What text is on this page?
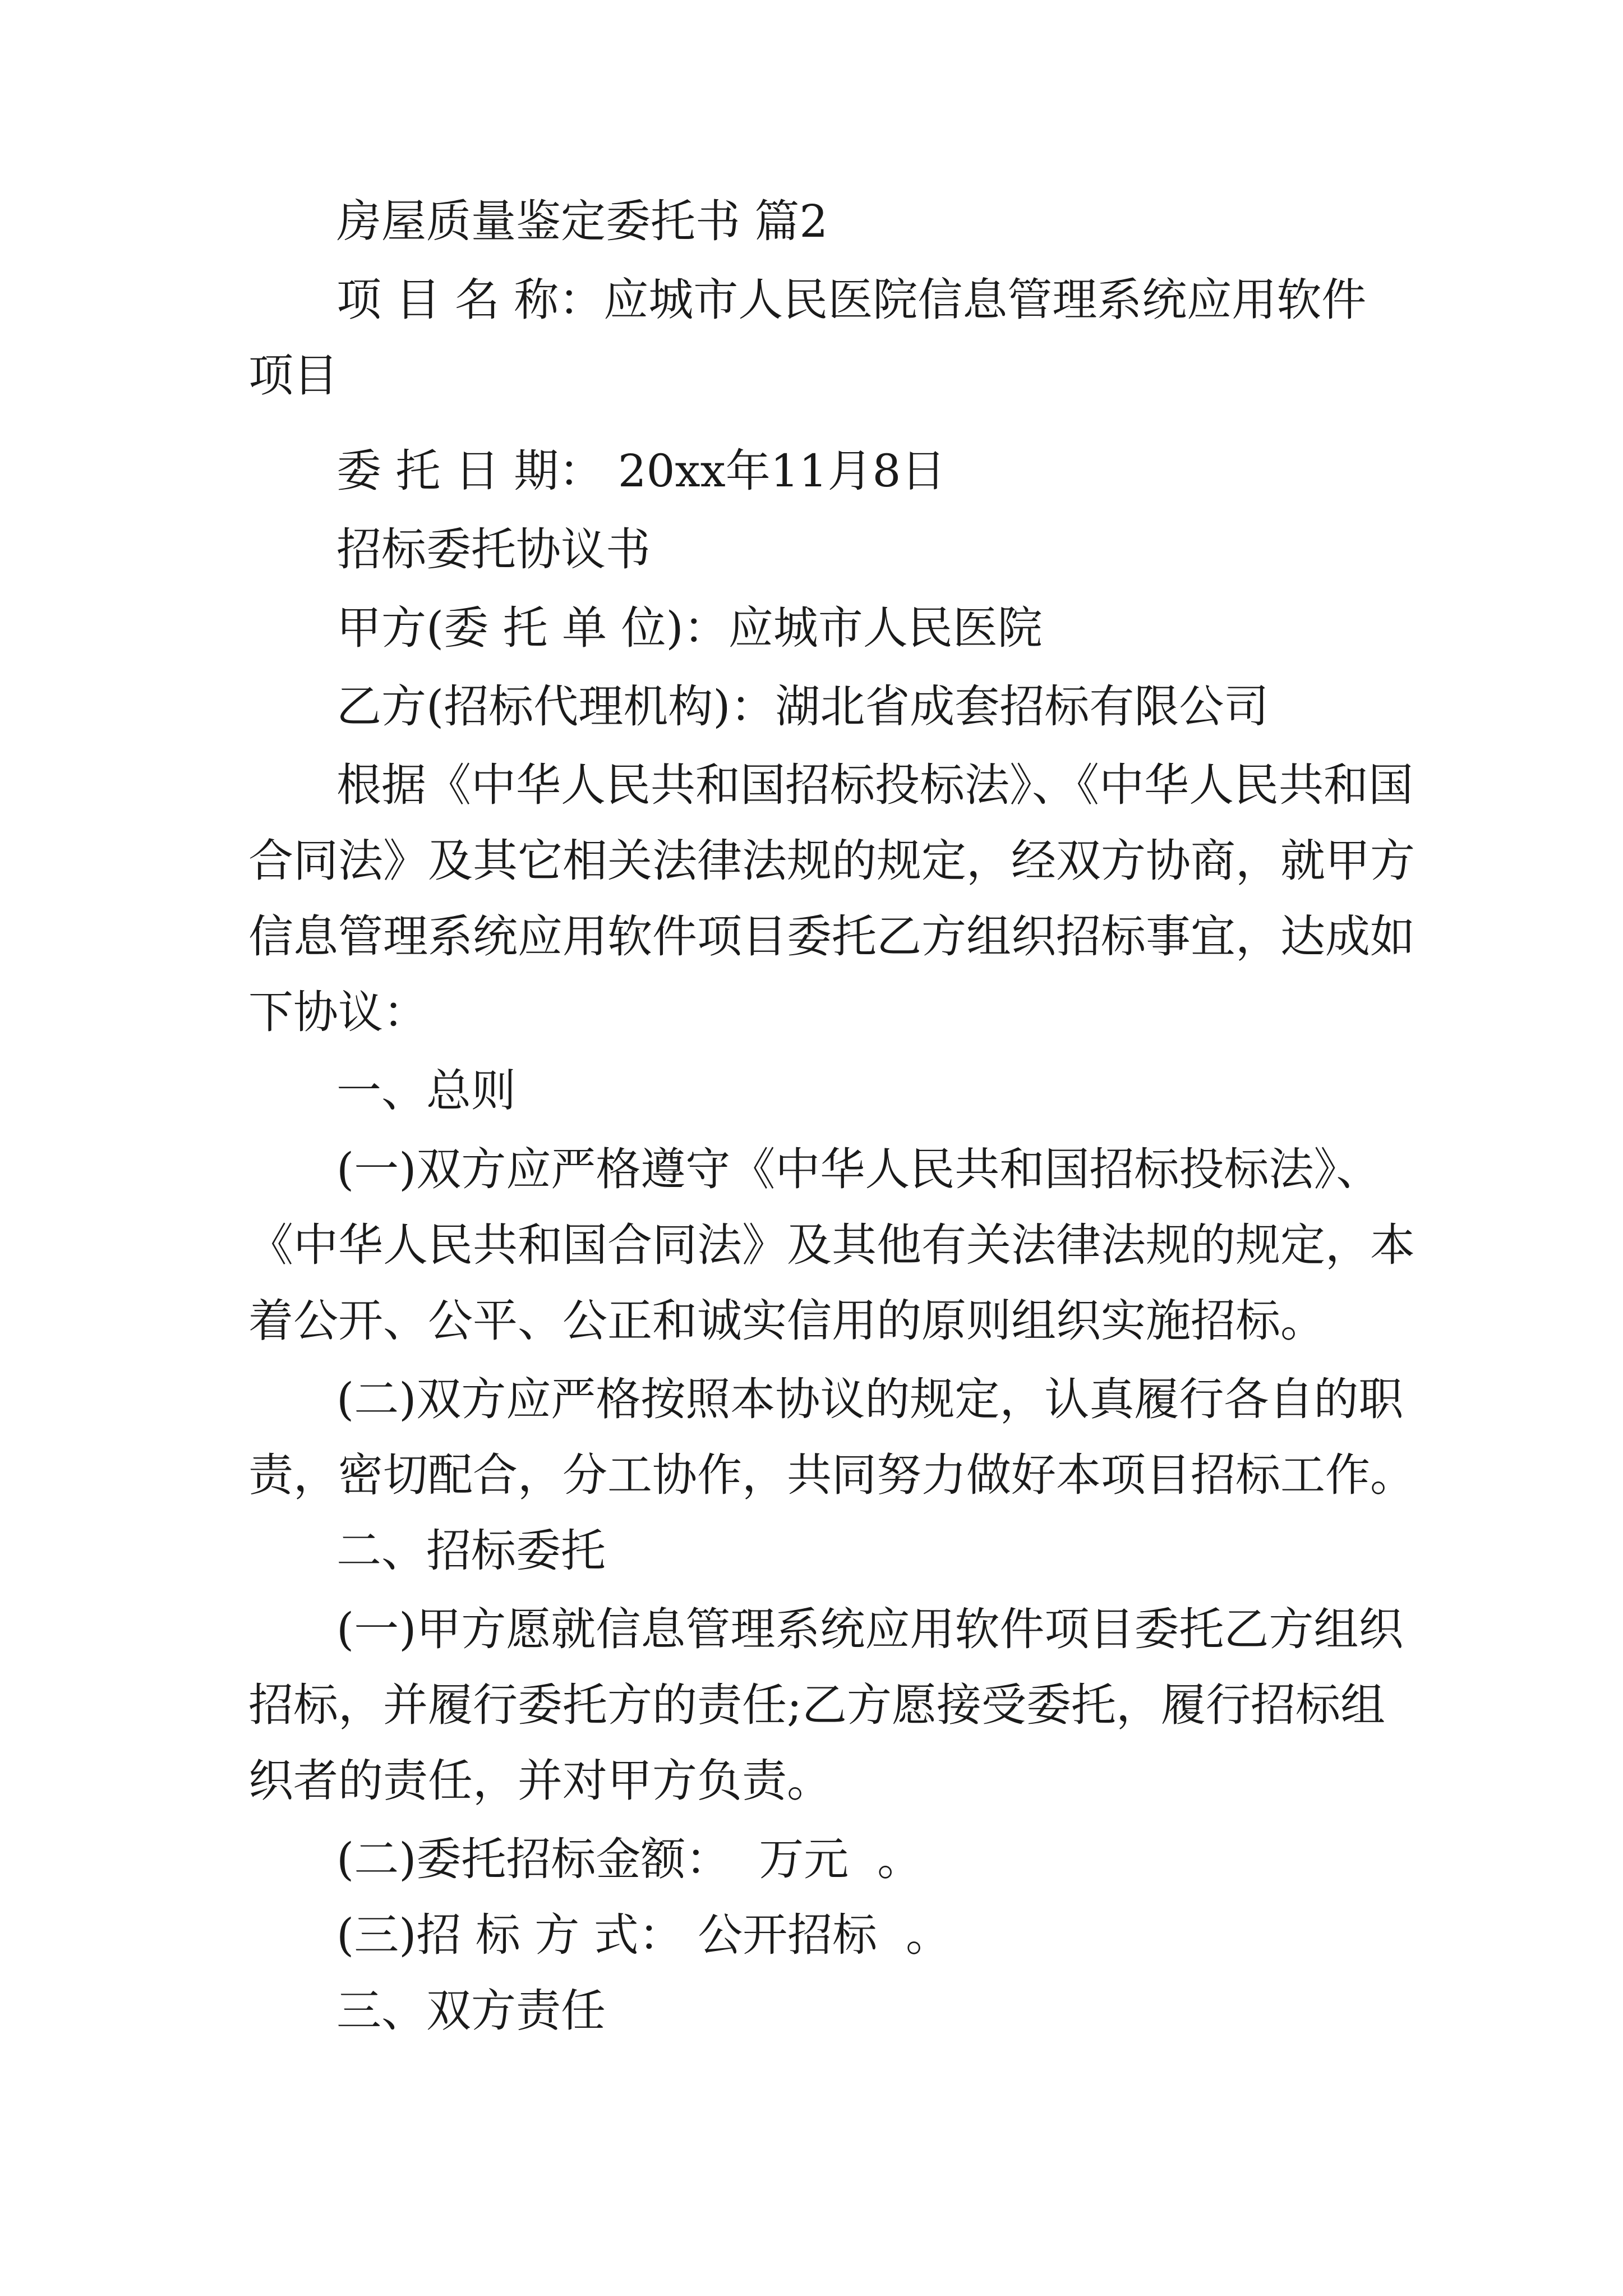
房屋质量鉴定委托书 篇2

项 目 名 称：应城市人民医院信息管理系统应用软件

项目

委 托 日 期： 20xx年11月8日

招标委托协议书

甲方(委 托 单 位)：应城市人民医院

乙方(招标代理机构)：湖北省成套招标有限公司

根据《中华人民共和国招标投标法》、《中华人民共和国

合同法》及其它相关法律法规的规定，经双方协商，就甲方

信息管理系统应用软件项目委托乙方组织招标事宜，达成如

下协议：

一、总则

(一)双方应严格遵守《中华人民共和国招标投标法》、

《中华人民共和国合同法》及其他有关法律法规的规定，本

着公开、公平、公正和诚实信用的原则组织实施招标。

(二)双方应严格按照本协议的规定，认真履行各自的职

责，密切配合，分工协作，共同努力做好本项目招标工作。

二、招标委托

(一)甲方愿就信息管理系统应用软件项目委托乙方组织

招标，并履行委托方的责任;乙方愿接受委托，履行招标组

织者的责任，并对甲方负责。

(二)委托招标金额：  万元  。

(三)招 标 方 式： 公开招标  。

三、双方责任
